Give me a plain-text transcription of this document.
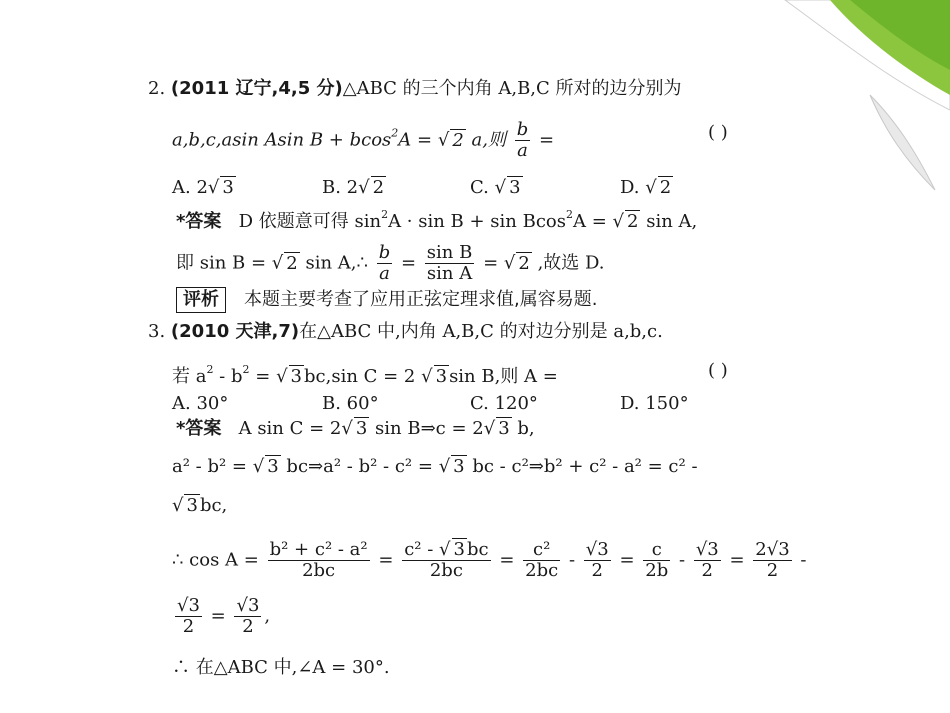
2. (2011 辽宁,4,5 分)△ABC 的三个内角 A,B,C 所对的边分别为
a,b,c,asin Asin B + bcos$^2$A = √ 2 a,则 $\frac{b}{a}$ =	( )
A. 2√ 3	B. 2√ 2	C. √ 3	D. √ 2
*答案 D 依题意可得 $\sin^2A \cdot \sin B + \sin Bcos^2A$ = √ 2 sin A,
即 sin B = √ 2 sin A,∴ $\frac{b}{a} = \frac{\text{sin B}}{\text{sin A}}$ = √ 2 ,故选 D.
评析 本题主要考查了应用正弦定理求值,属容易题.
3. (2010 天津,7)在△ABC 中,内角 A,B,C 的对边分别是 a,b,c.
若 $a^2 - b^2$ = √ 3 bc,sin C = 2 √ 3 sin B,则 A =	( )
A. 30°	B. 60°	C. 120°	D. 150°
*答案 A sin C = 2√ 3 sin B⇒c = 2√ 3 b,
a² - b² = √ 3 bc⇒a² - b² - c² = √ 3 bc - c²⇒b² + c² - a² = c² -
√ 3 bc,
∴ $\cos A = \frac{\text{b² + c² - a²}}{2bc} = \frac{\text{c² - √ 3 bc}}{2bc} = \frac{\text{c²}}{2bc} - \frac{√3}{2} = \frac{c}{2b} - \frac{√3}{2} = \frac{2√3}{2}$ -
$\frac{√3}{2} = \frac{√3}{2}$ ,
∴ 在△ABC 中,∠A = 30°.
